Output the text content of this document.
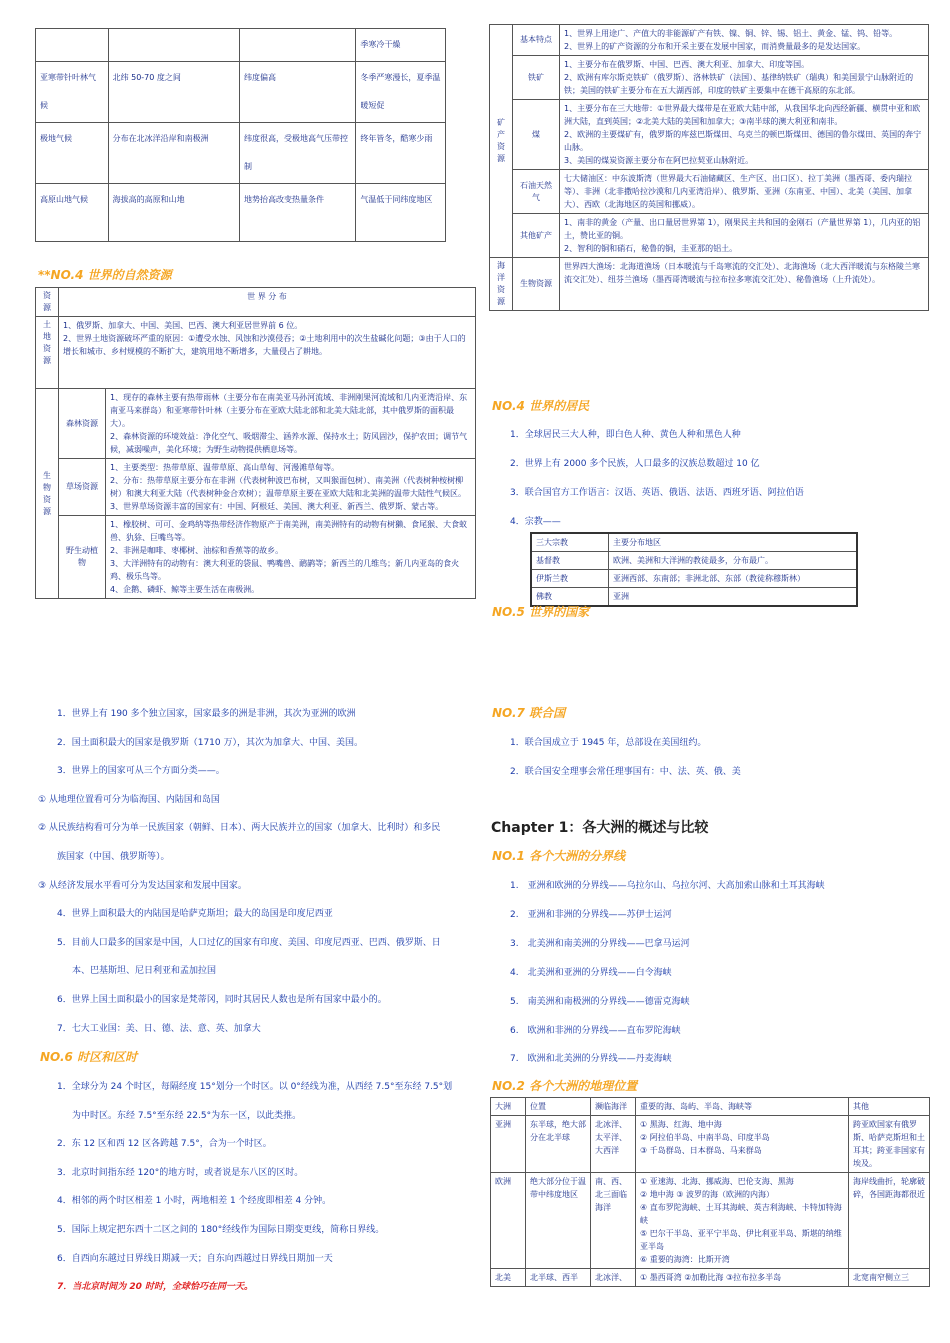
			季寒冷干燥
亚寒带针叶林气候	北纬 50-70 度之间	纬度偏高	冬季严寒漫长，夏季温暖短促
极地气候	分布在北冰洋沿岸和南极洲	纬度很高，受极地高气压带控制	终年皆冬，酷寒少雨
高原山地气候	海拔高的高原和山地	地势抬高改变热量条件	气温低于同纬度地区
**NO.4 世界的自然资源
资源	世 界 分 布	
土地资源	1、俄罗斯、加拿大、中国、美国、巴西、澳大利亚居世界前 6 位。
2、世界土地资源破坏严重的原因：①遭受水蚀、风蚀和沙漠侵吞；②土地利用中的次生盐碱化问题；③由于人口的增长和城市、乡村规模的不断扩大，建筑用地不断增多，大量侵占了耕地。	

生物资源	森林资源	1、现存的森林主要有热带雨林（主要分布在南美亚马孙河流域、非洲刚果河流域和几内亚湾沿岸、东南亚马来群岛）和亚寒带针叶林（主要分布在亚欧大陆北部和北美大陆北部，其中俄罗斯的面积最大）。
2、森林资源的环境效益：净化空气、吸烟滞尘、涵养水源、保持水土；防风固沙，保护农田；调节气候，减弱噪声，美化环境；为野生动物提供栖息场等。

	草场资源	1、主要类型：热带草原、温带草原、高山草甸、河漫滩草甸等。
2、分布：热带草原主要分布在非洲（代表树种波巴布树，又叫猴面包树）、南美洲（代表树种桉树柳树）和澳大利亚大陆（代表树种金合欢树）；温带草原主要在亚欧大陆和北美洲的温带大陆性气候区。
3、世界草场资源丰富的国家有：中国、阿根廷、美国、澳大利亚、新西兰、俄罗斯、蒙古等。

	野生动植物	1、橡胶树、可可、金鸡纳等热带经济作物原产于南美洲，南美洲特有的动物有树獭、食尾猴、大食蚁兽、犰狳、巨嘴鸟等。
2、非洲是咖啡、枣椰树、油棕和香蕉等的故乡。
3、大洋洲特有的动物有：澳大利亚的袋鼠、鸭嘴兽、鸸鹋等；新西兰的几维鸟；新几内亚岛的食火鸡、极乐鸟等。
4、企鹅、磷虾、鲸等主要生活在南极洲。
矿产资源	基本特点	1、世界上用途广、产值大的非能源矿产有铁、镍、铜、锌、锡、铝土、黄金、锰、钨、铅等。
2、世界上的矿产资源的分布和开采主要在发展中国家，而消费量最多的是发达国家。

	铁矿	1、主要分布在俄罗斯、中国、巴西、澳大利亚、加拿大、印度等国。
2、欧洲有库尔斯克铁矿（俄罗斯）、洛林铁矿（法国）、基律纳铁矿（瑞典）和美国景宁山脉附近的铁；美国的铁矿主要分布在五大湖西部，印度的铁矿主要集中在德干高原的东北部。

	煤	1、主要分布在三大地带：①世界最大煤带是在亚欧大陆中部，从我国华北向西经新疆、横贯中亚和欧洲大陆，直到英国；②北美大陆的美国和加拿大；③南半球的澳大利亚和南非。
2、欧洲的主要煤矿有，俄罗斯的库兹巴斯煤田、乌克兰的顿巴斯煤田、德国的鲁尔煤田、英国的奔宁山脉。
3、美国的煤炭资源主要分布在阿巴拉契亚山脉附近。

	石油天然气	七大储油区：中东波斯湾（世界最大石油储藏区、生产区、出口区）、拉丁美洲（墨西哥、委内瑞拉等）、非洲（北非撒哈拉沙漠和几内亚湾沿岸）、俄罗斯、亚洲（东南亚、中国）、北美（美国、加拿大）、西欧（北海地区的英国和挪威）。

	其他矿产	1、南非的黄金（产量、出口量居世界第 1），刚果民主共和国的金刚石（产量世界第 1），几内亚的铝土，赞比亚的铜。
2、智利的铜和硝石，秘鲁的铜，圭亚那的铝土。

海洋资源	生物资源	世界四大渔场：北海道渔场（日本暖流与千岛寒流的交汇处）、北海渔场（北大西洋暖流与东格陵兰寒流交汇处）、纽芬兰渔场（墨西哥湾暖流与拉布拉多寒流交汇处）、秘鲁渔场（上升流处）。
NO.4 世界的居民
1．全球居民三大人种，即白色人种、黄色人种和黑色人种
2．世界上有 2000 多个民族，人口最多的汉族总数超过 10 亿
3．联合国官方工作语言：汉语、英语、俄语、法语、西班牙语、阿拉伯语
4．宗教——
三大宗教	主要分布地区
基督教	欧洲、美洲和大洋洲的教徒最多，分布最广。
伊斯兰教	亚洲西部、东南部；非洲北部、东部（教徒称穆斯林）
佛教	亚洲
NO.5 世界的国家
1．世界上有 190 多个独立国家，国家最多的洲是非洲，其次为亚洲的欧洲
2．国土面积最大的国家是俄罗斯（1710 万），其次为加拿大、中国、美国。
3．世界上的国家可从三个方面分类——。
① 从地理位置看可分为临海国、内陆国和岛国
② 从民族结构看可分为单一民族国家（朝鲜、日本）、两大民族并立的国家（加拿大、比利时）和多民
族国家（中国、俄罗斯等）。
③ 从经济发展水平看可分为发达国家和发展中国家。
4．世界上面积最大的内陆国是哈萨克斯坦；最大的岛国是印度尼西亚
5．目前人口最多的国家是中国，人口过亿的国家有印度、美国、印度尼西亚、巴西、俄罗斯、日
本、巴基斯坦、尼日利亚和孟加拉国
6．世界上国土面积最小的国家是梵蒂冈，同时其居民人数也是所有国家中最小的。
7．七大工业国：美、日、德、法、意、英、加拿大
NO.6 时区和区时
1．全球分为 24 个时区，每隔经度 15°划分一个时区。以 0°经线为准，从西经 7.5°至东经 7.5°划
为中时区。东经 7.5°至东经 22.5°为东一区，以此类推。
2．东 12 区和西 12 区各跨越 7.5°，合为一个时区。
3．北京时间指东经 120°的地方时，或者说是东八区的区时。
4．相邻的两个时区相差 1 小时，两地相差 1 个经度即相差 4 分钟。
5．国际上规定把东西十二区之间的 180°经线作为国际日期变更线，简称日界线。
6．自西向东越过日界线日期减一天；自东向西越过日界线日期加一天
7．当北京时间为 20 时时，全球恰巧在同一天。
NO.7 联合国
1．联合国成立于 1945 年，总部设在美国纽约。
2．联合国安全理事会常任理事国有：中、法、英、俄、美
Chapter 1：各大洲的概述与比较
NO.1 各个大洲的分界线
1.　亚洲和欧洲的分界线——乌拉尔山、乌拉尔河、大高加索山脉和土耳其海峡
2.　亚洲和非洲的分界线——苏伊士运河
3.　北美洲和南美洲的分界线——巴拿马运河
4.　北美洲和亚洲的分界线——白令海峡
5.　南美洲和南极洲的分界线——德雷克海峡
6.　欧洲和非洲的分界线——直布罗陀海峡
7.　欧洲和北美洲的分界线——丹麦海峡
NO.2 各个大洲的地理位置
大洲	位置	濒临海洋	重要的海、岛屿、半岛、海峡等	其他
亚洲	东半球，绝大部分在北半球	北冰洋、太平洋、大西洋	① 黑海、红海、地中海
② 阿拉伯半岛、中南半岛、印度半岛
③ 千岛群岛、日本群岛、马来群岛	跨亚欧国家有俄罗斯、哈萨克斯坦和土耳其；跨亚非国家有埃及。
欧洲	绝大部分位于温带中纬度地区	南、西、北三面临海洋	① 亚速海、北海、挪威海、巴伦支海、黑海
② 地中海 ③ 波罗的海（欧洲的内海）
④ 直布罗陀海峡、土耳其海峡、英吉利海峡、卡特加特海峡
⑤ 巴尔干半岛、亚平宁半岛、伊比利亚半岛、斯堪的纳维亚半岛
⑥ 重要的海湾：比斯开湾	海岸线曲折，轮廓破碎，各国距海都很近
北美	北半球、西半	北冰洋、	① 墨西哥湾 ②加勒比海 ③拉布拉多半岛	北宽南窄侧立三
